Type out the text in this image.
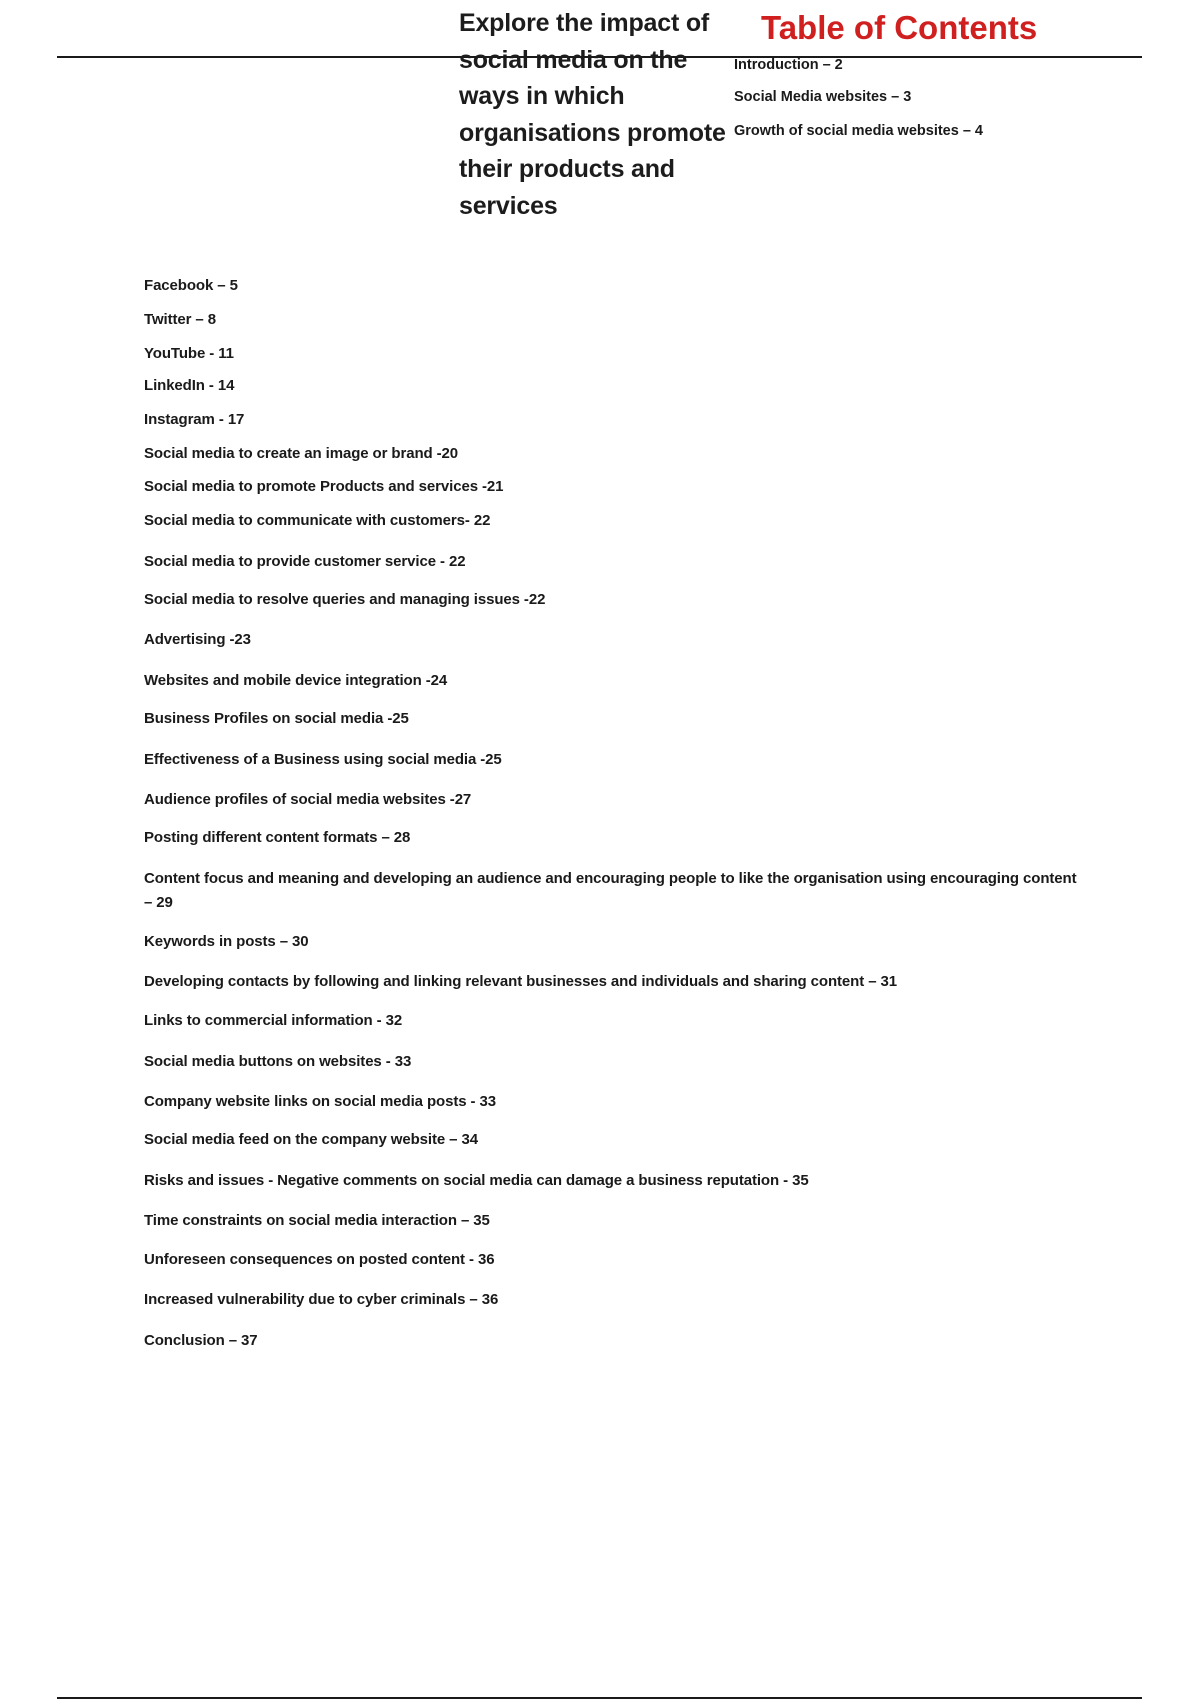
Explore the impact of social media on the ways in which organisations promote their products and services
Table of Contents
Introduction – 2
Social Media websites – 3
Growth of social media websites – 4
Facebook – 5
Twitter – 8
YouTube - 11
LinkedIn - 14
Instagram - 17
Social media to create an image or brand -20
Social media to promote Products and services -21
Social media to communicate with customers- 22
Social media to provide customer service - 22
Social media to resolve queries and managing issues -22
Advertising -23
Websites and mobile device integration -24
Business Profiles on social media -25
Effectiveness of a Business using social media -25
Audience profiles of social media websites -27
Posting different content formats – 28
Content focus and meaning and developing an audience and encouraging people to like the organisation using encouraging content – 29
Keywords in posts – 30
Developing contacts by following and linking relevant businesses and individuals and sharing content – 31
Links to commercial information - 32
Social media buttons on websites - 33
Company website links on social media posts - 33
Social media feed on the company website – 34
Risks and issues - Negative comments on social media can damage a business reputation - 35
Time constraints on social media interaction – 35
Unforeseen consequences on posted content - 36
Increased vulnerability due to cyber criminals – 36
Conclusion – 37
